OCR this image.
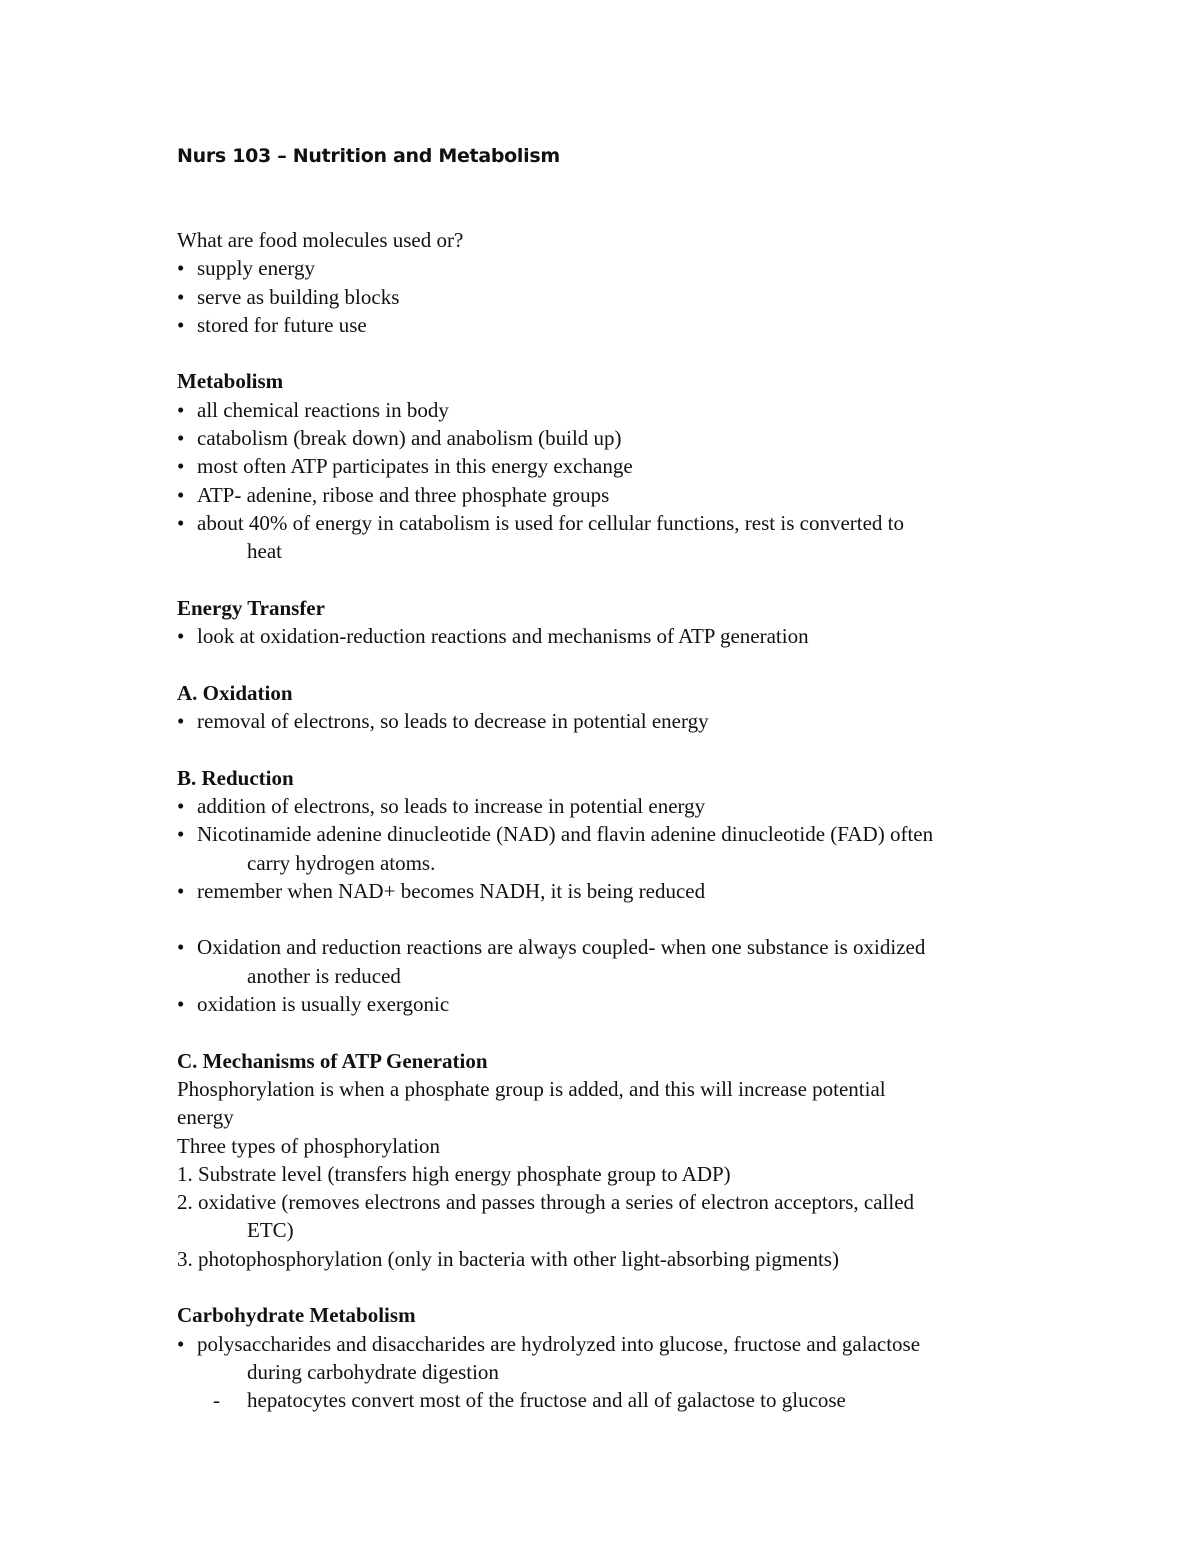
Nurs 103 – Nutrition and Metabolism
What are food molecules used or?
• supply energy
• serve as building blocks
• stored for future use
Metabolism
• all chemical reactions in body
• catabolism (break down) and anabolism (build up)
• most often ATP participates in this energy exchange
• ATP- adenine, ribose and three phosphate groups
• about 40% of energy in catabolism is used for cellular functions, rest is converted to
heat
Energy Transfer
• look at oxidation-reduction reactions and mechanisms of ATP generation
A. Oxidation
• removal of electrons, so leads to decrease in potential energy
B. Reduction
• addition of electrons, so leads to increase in potential energy
• Nicotinamide adenine dinucleotide (NAD) and flavin adenine dinucleotide (FAD) often
carry hydrogen atoms.
• remember when NAD+ becomes NADH, it is being reduced
• Oxidation and reduction reactions are always coupled- when one substance is oxidized
another is reduced
• oxidation is usually exergonic
C. Mechanisms of ATP Generation
Phosphorylation is when a phosphate group is added, and this will increase potential
energy
Three types of phosphorylation
1. Substrate level (transfers high energy phosphate group to ADP)
2. oxidative (removes electrons and passes through a series of electron acceptors, called
ETC)
3. photophosphorylation (only in bacteria with other light-absorbing pigments)
Carbohydrate Metabolism
• polysaccharides and disaccharides are hydrolyzed into glucose, fructose and galactose
during carbohydrate digestion
- hepatocytes convert most of the fructose and all of galactose to glucose
